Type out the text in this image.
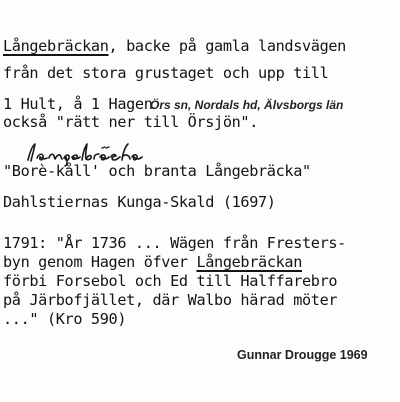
Långebräckan, backe på gamla landsvägen
från det stora grustaget och upp till
1 Hult, å 1 Hagen
Örs sn, Nordals hd, Älvsborgs län
också "rätt ner till Örsjön".
"Borè-kåll' och branta Långebräcka"
Dahlstiernas Kunga-Skald (1697)
1791: "År 1736 ... Wägen från Fresters-
byn genom Hagen öfver Långebräckan
förbi Forsebol och Ed till Halffarebro
på Järbofjället, där Walbo härad möter
..." (Kro 590)
Gunnar Drougge 1969
